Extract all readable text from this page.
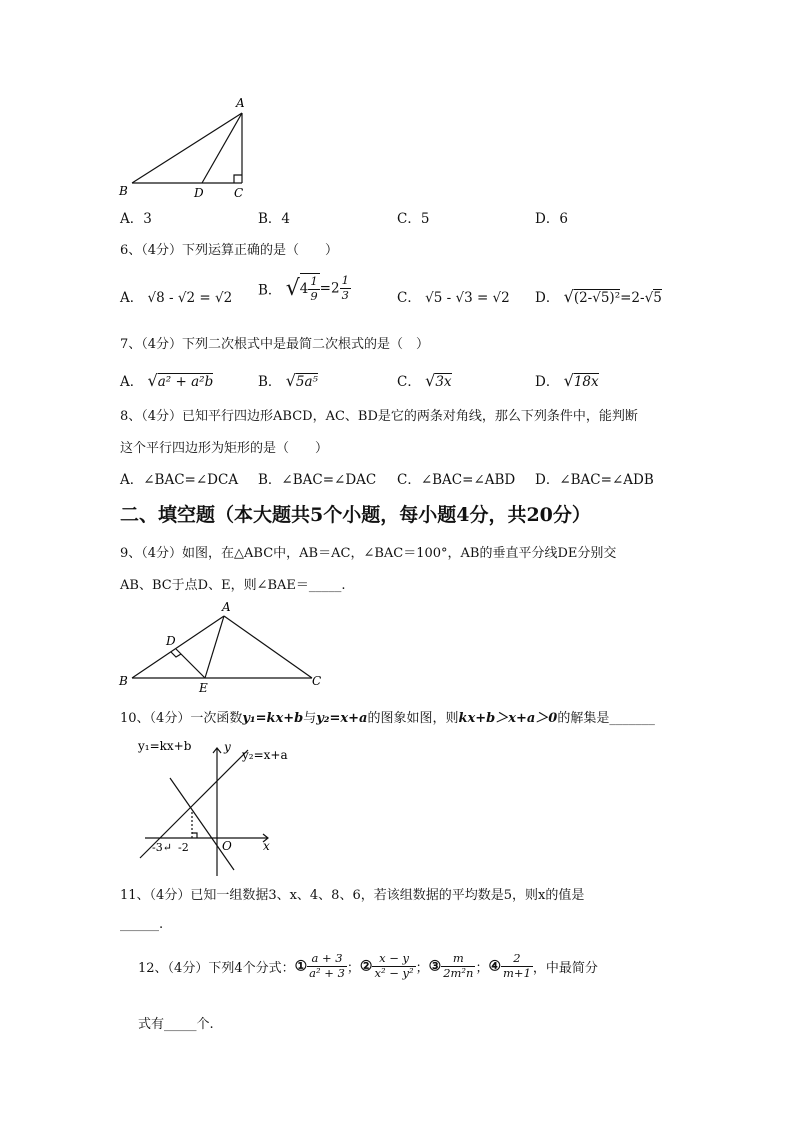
A
B	D	C
A．3	B．4	C．5	D．6
6、（4分）下列运算正确的是（　　）
A． √8 - √2 = √2 B． $√4 \frac{1}{9} =2 \frac{1}{3}$	C． √5 - √3 = √2 D． √(2-√5)²=2-√5
7、（4分）下列二次根式中是最简二次根式的是（　）
A． √a² + a²b	B． √5a⁵	C． √3x	D． √18x
8、（4分）已知平行四边形ABCD，AC、BD是它的两条对角线，那么下列条件中，能判断
这个平行四边形为矩形的是（　　）
A．∠BAC=∠DCA B．∠BAC=∠DAC C．∠BAC=∠ABD D．∠BAC=∠ADB
二、填空题（本大题共5个小题，每小题4分，共20分）
9、（4分）如图，在△ABC中，AB＝AC，∠BAC＝100°，AB的垂直平分线DE分别交
AB、BC于点D、E，则∠BAE＝_____.
A
D
B	E	C
10、（4分）一次函数y₁=kx+b与y₂=x+a的图象如图，则kx+b＞x+a＞0的解集是_______
y₁=kx+b
y₂=x+a
y
x
O
-3↵ -2
11、（4分）已知一组数据3、x、4、8、6，若该组数据的平均数是5，则x的值是
______.
12、（4分）下列4个分式：① $\frac{a + 3}{\text{a² + 3}}$ ；② $\frac{x - y}{\text{x² − y²}}$ ；③ $\frac{m}{\text{2m²n}}$ ；④ $\frac{2}{m+1}$ ，中最简分
式有_____个.
